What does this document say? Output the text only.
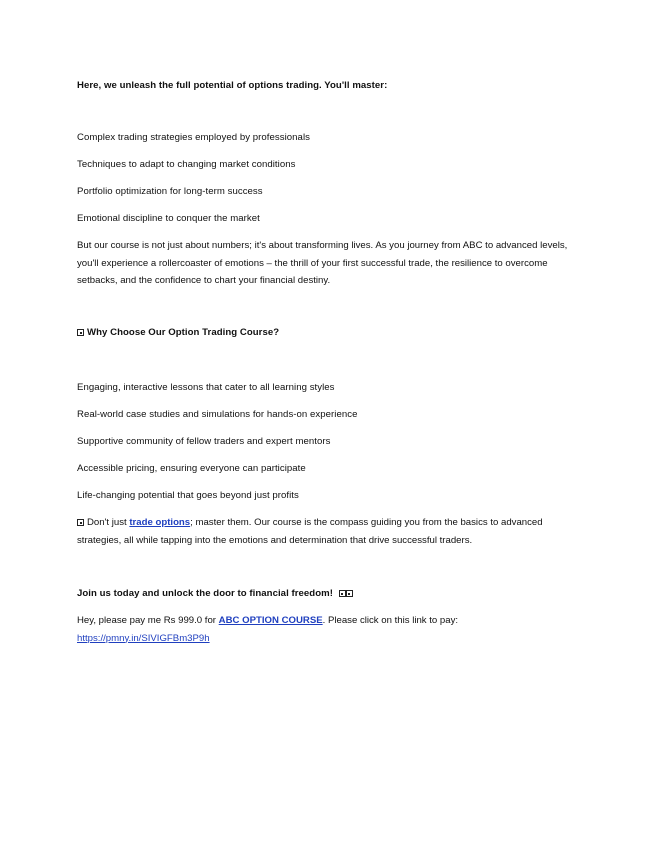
Here, we unleash the full potential of options trading. You'll master:
Complex trading strategies employed by professionals
Techniques to adapt to changing market conditions
Portfolio optimization for long-term success
Emotional discipline to conquer the market
But our course is not just about numbers; it's about transforming lives. As you journey from ABC to advanced levels, you'll experience a rollercoaster of emotions – the thrill of your first successful trade, the resilience to overcome setbacks, and the confidence to chart your financial destiny.
Why Choose Our Option Trading Course?
Engaging, interactive lessons that cater to all learning styles
Real-world case studies and simulations for hands-on experience
Supportive community of fellow traders and expert mentors
Accessible pricing, ensuring everyone can participate
Life-changing potential that goes beyond just profits
Don't just trade options; master them. Our course is the compass guiding you from the basics to advanced strategies, all while tapping into the emotions and determination that drive successful traders.
Join us today and unlock the door to financial freedom!
Hey, please pay me Rs 999.0 for ABC OPTION COURSE. Please click on this link to pay:
https://pmny.in/SIVIGFBm3P9h
